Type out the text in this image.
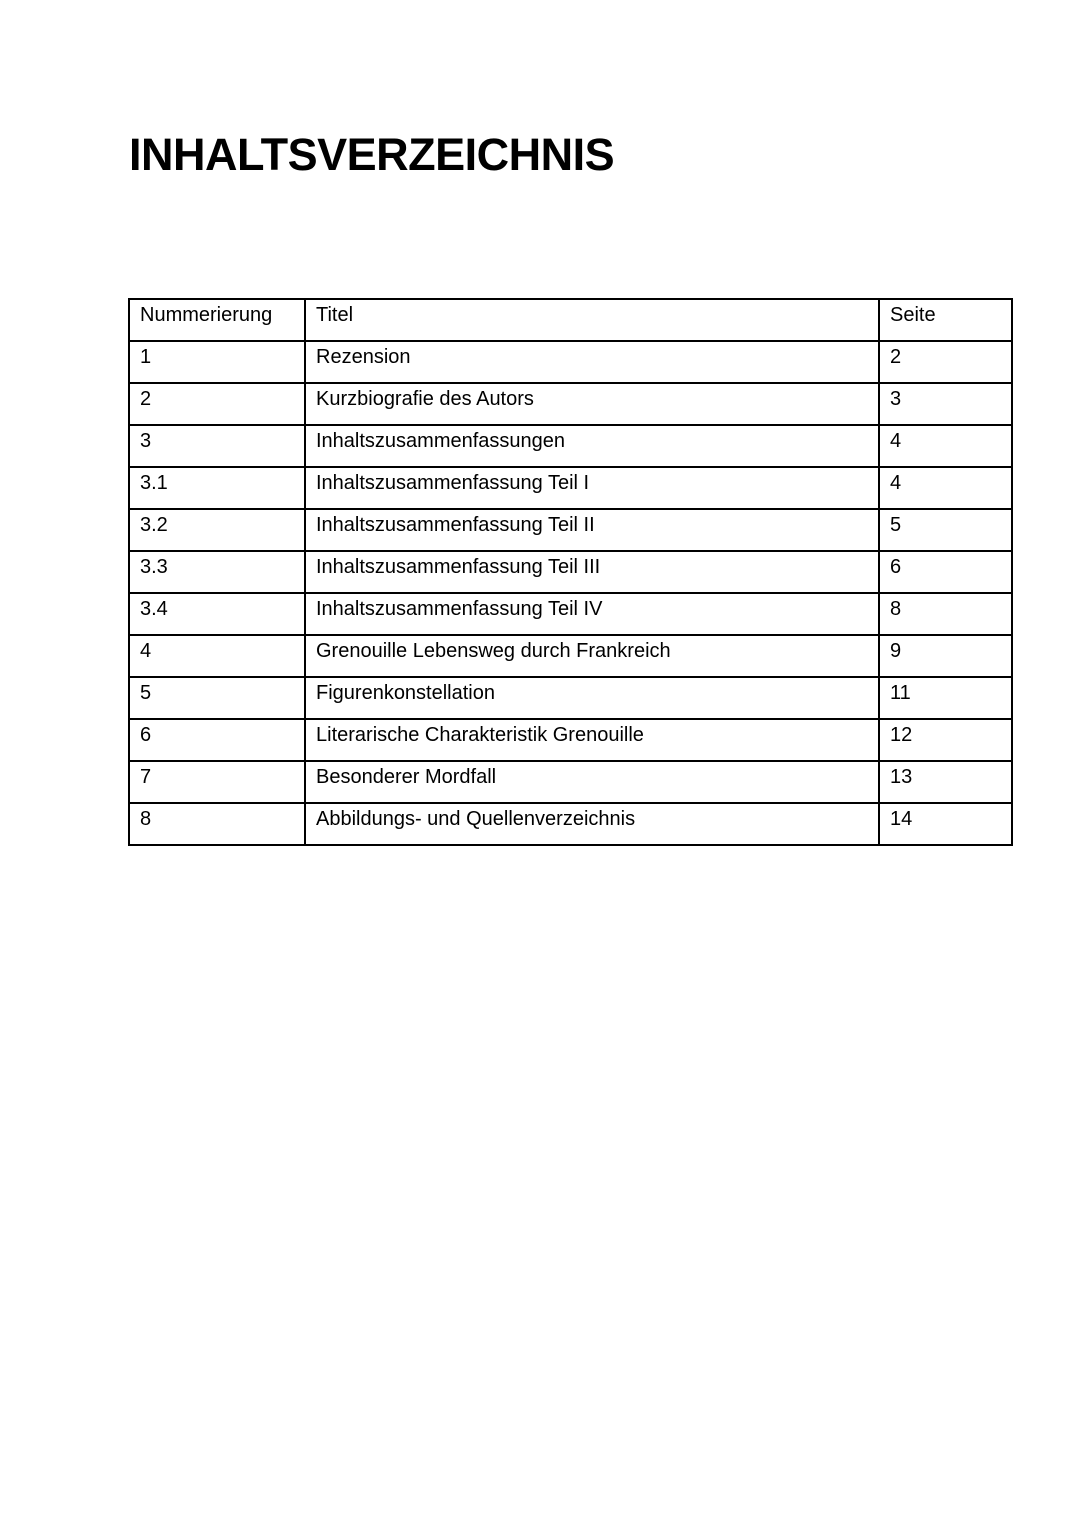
INHALTSVERZEICHNIS
Nummerierung	Titel	Seite
1	Rezension	2
2	Kurzbiografie des Autors	3
3	Inhaltszusammenfassungen	4
3.1	Inhaltszusammenfassung Teil I	4
3.2	Inhaltszusammenfassung Teil II	5
3.3	Inhaltszusammenfassung Teil III	6
3.4	Inhaltszusammenfassung Teil IV	8
4	Grenouille Lebensweg durch Frankreich	9
5	Figurenkonstellation	11
6	Literarische Charakteristik Grenouille	12
7	Besonderer Mordfall	13
8	Abbildungs- und Quellenverzeichnis	14
